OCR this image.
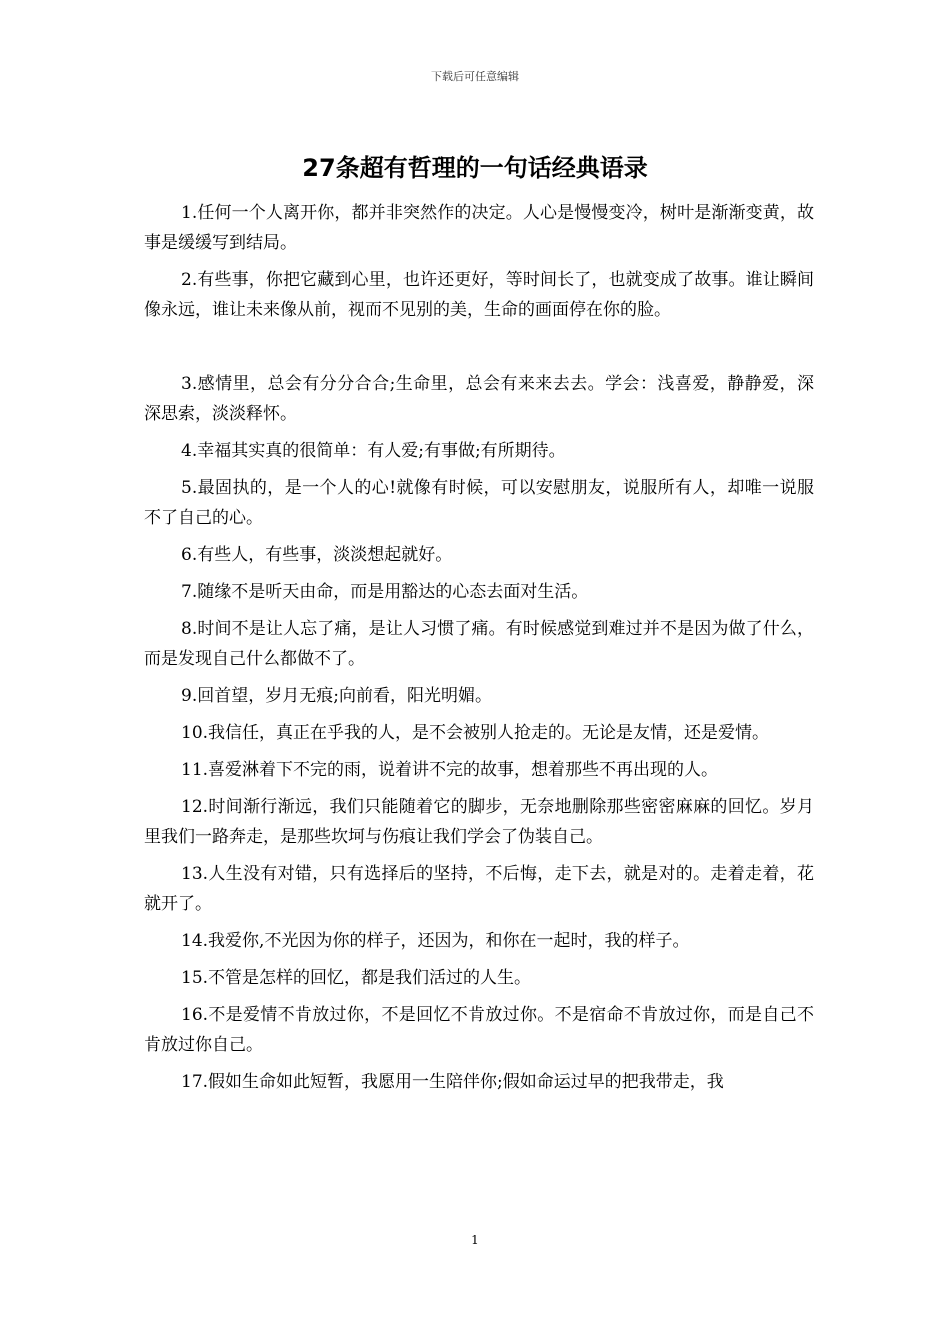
下载后可任意编辑
27条超有哲理的一句话经典语录

1.任何一个人离开你，都并非突然作的决定。人心是慢慢变冷，树叶是渐渐变黄，故事是缓缓写到结局。

2.有些事，你把它藏到心里，也许还更好，等时间长了，也就变成了故事。谁让瞬间像永远，谁让未来像从前，视而不见别的美，生命的画面停在你的脸。

3.感情里，总会有分分合合;生命里，总会有来来去去。学会：浅喜爱，静静爱，深深思索，淡淡释怀。

4.幸福其实真的很简单：有人爱;有事做;有所期待。

5.最固执的，是一个人的心!就像有时候，可以安慰朋友，说服所有人，却唯一说服不了自己的心。

6.有些人，有些事，淡淡想起就好。

7.随缘不是听天由命，而是用豁达的心态去面对生活。

8.时间不是让人忘了痛，是让人习惯了痛。有时候感觉到难过并不是因为做了什么，而是发现自己什么都做不了。

9.回首望，岁月无痕;向前看，阳光明媚。

10.我信任，真正在乎我的人，是不会被别人抢走的。无论是友情，还是爱情。

11.喜爱淋着下不完的雨，说着讲不完的故事，想着那些不再出现的人。

12.时间渐行渐远，我们只能随着它的脚步，无奈地删除那些密密麻麻的回忆。岁月里我们一路奔走，是那些坎坷与伤痕让我们学会了伪装自己。

13.人生没有对错，只有选择后的坚持，不后悔，走下去，就是对的。走着走着，花就开了。

14.我爱你,不光因为你的样子，还因为，和你在一起时，我的样子。

15.不管是怎样的回忆，都是我们活过的人生。

16.不是爱情不肯放过你，不是回忆不肯放过你。不是宿命不肯放过你，而是自己不肯放过你自己。

17.假如生命如此短暂，我愿用一生陪伴你;假如命运过早的把我带走，我

1
